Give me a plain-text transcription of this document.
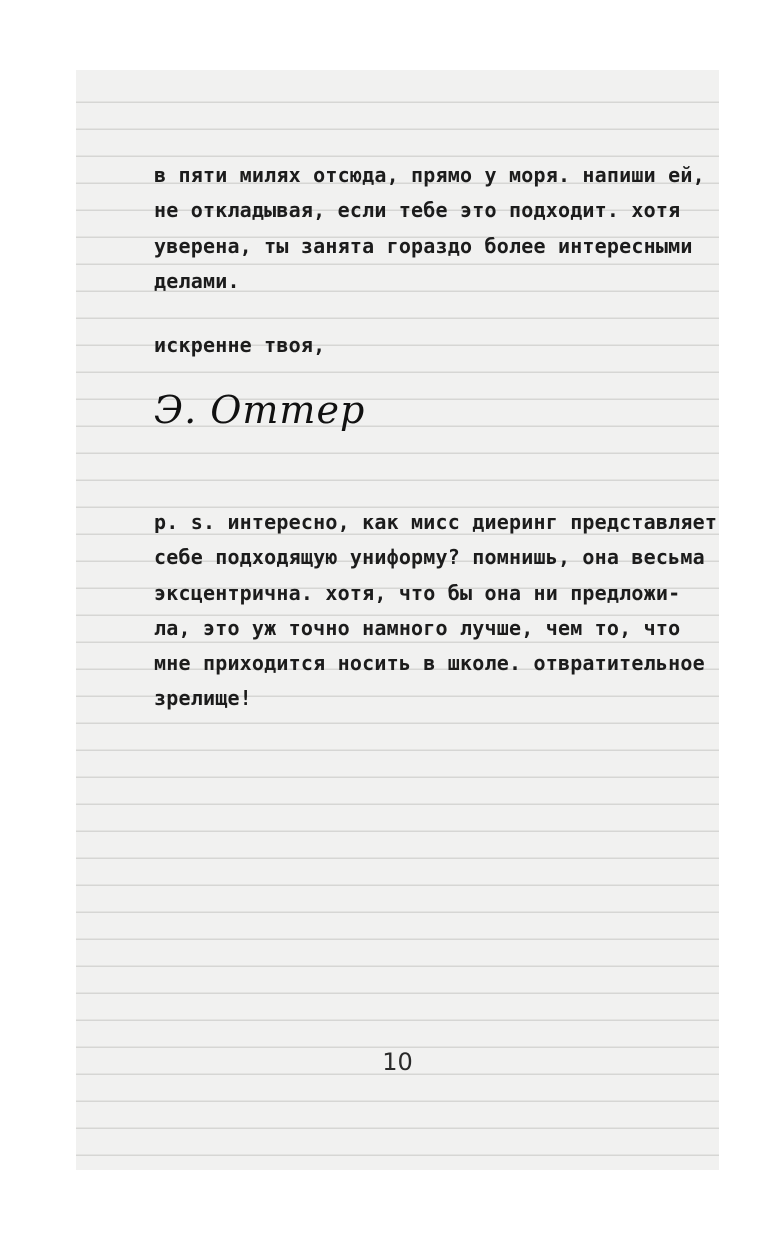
в пяти милях отсюда, прямо у моря. напиши ей,
не откладывая, если тебе это подходит. хотя
уверена, ты занята гораздо более интересными
делами.
искренне твоя,
Э. Оттер
p. s. интересно, как мисс диеринг представляет
себе подходящую униформу? помнишь, она весьма
эксцентрична. хотя, что бы она ни предложи-
ла, это уж точно намного лучше, чем то, что
мне приходится носить в школе. отвратительное
зрелище!
10
